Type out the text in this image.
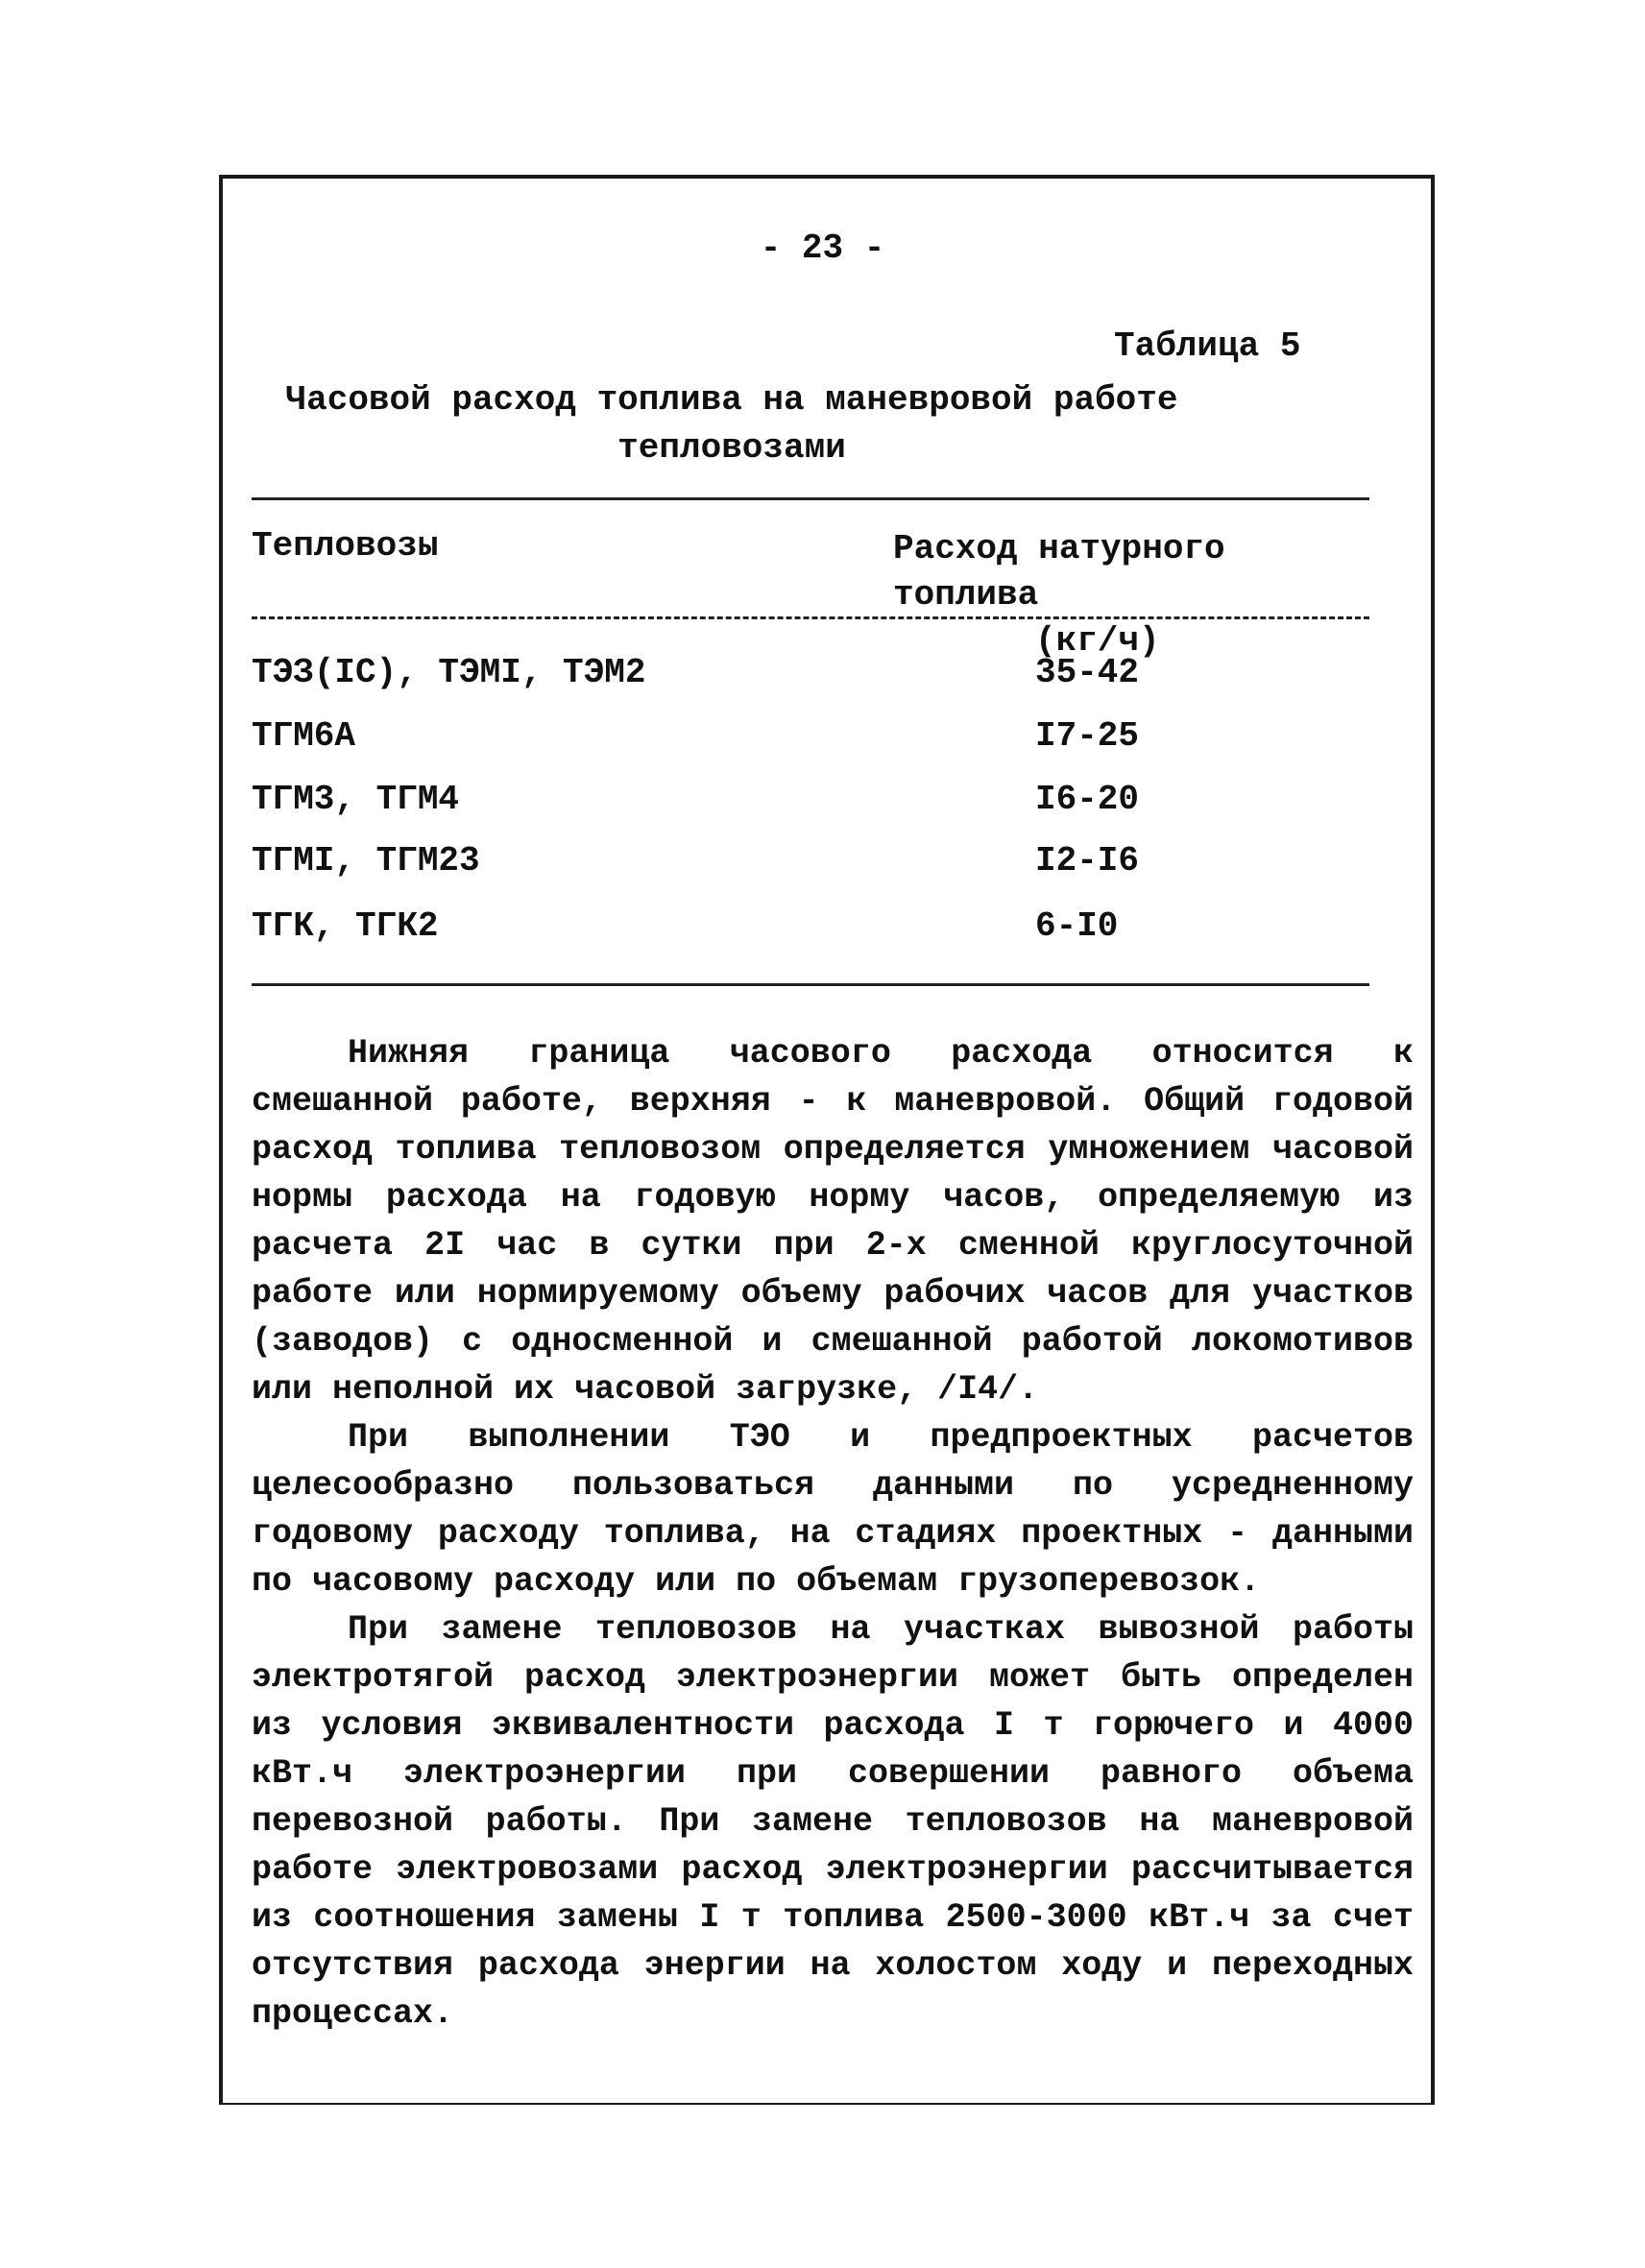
- 23 -
Таблица 5
Часовой расход топлива на маневровой работе
тепловозами
Тепловозы	Расход натурного топлива
(кг/ч)
ТЭЗ(IС), ТЭМI, ТЭМ2	35-42
ТГМ6А	I7-25
ТГМ3, ТГМ4	I6-20
ТГМI, ТГМ23	I2-I6
ТГК, ТГК2	6-I0

Нижняя граница часового расхода относится к смешанной работе, верхняя - к маневровой. Общий годовой расход топлива тепловозом определяется умножением часовой нормы расхода на годовую норму часов, определяемую из расчета 2I час в сутки при 2-х сменной круглосуточной работе или нормируемому объему рабочих часов для участков (заводов) с односменной и смешанной работой локомотивов или неполной их часовой загрузке, /I4/.

При выполнении ТЭО и предпроектных расчетов целесообразно пользоваться данными по усредненному годовому расходу топлива, на стадиях проектных - данными по часовому расходу или по объемам грузоперевозок.

При замене тепловозов на участках вывозной работы электротягой расход электроэнергии может быть определен из условия эквивалентности расхода I т горючего и 4000 кВт.ч электроэнергии при совершении равного объема перевозной работы. При замене тепловозов на маневровой работе электровозами расход электроэнергии рассчитывается из соотношения замены I т топлива 2500-3000 кВт.ч за счет отсутствия расхода энергии на холостом ходу и переходных процессах.
